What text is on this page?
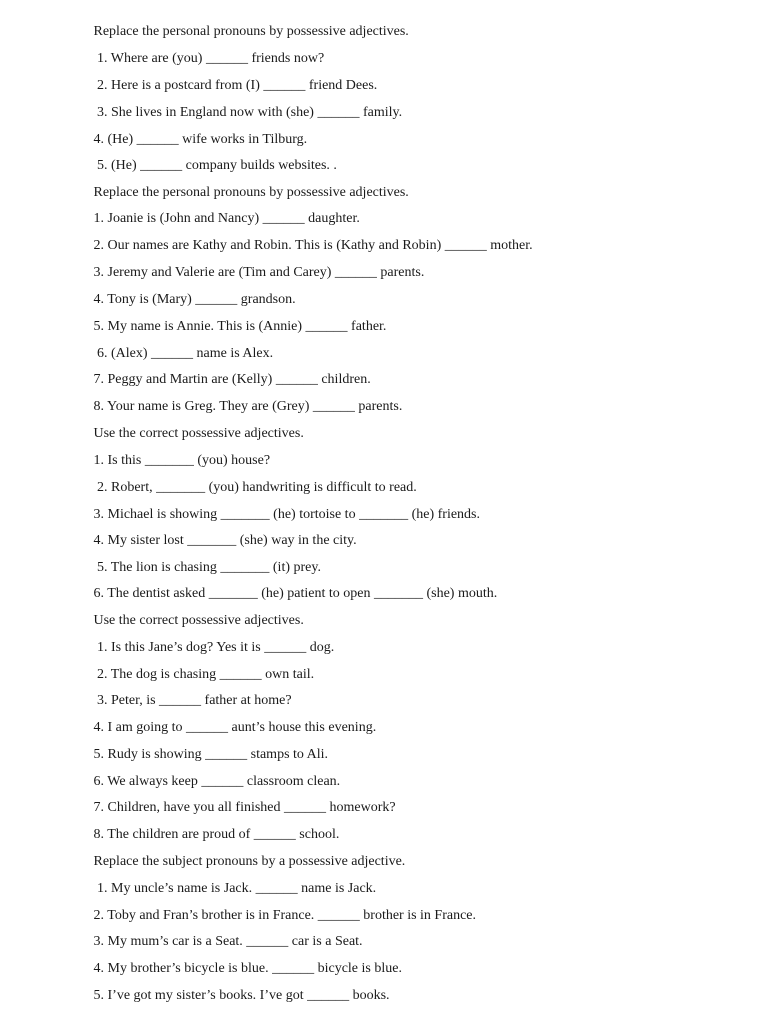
Replace the personal pronouns by possessive adjectives.
1. Where are (you) ______ friends now?
2. Here is a postcard from (I) ______ friend Dees.
3. She lives in England now with (she) ______ family.
4. (He) ______ wife works in Tilburg.
5. (He) ______ company builds websites. .
Replace the personal pronouns by possessive adjectives.
1. Joanie is (John and Nancy) ______ daughter.
2. Our names are Kathy and Robin. This is (Kathy and Robin) ______ mother.
3. Jeremy and Valerie are (Tim and Carey) ______ parents.
4. Tony is (Mary) ______ grandson.
5. My name is Annie. This is (Annie) ______ father.
6. (Alex) ______ name is Alex.
7. Peggy and Martin are (Kelly) ______ children.
8. Your name is Greg. They are (Grey) ______ parents.
Use the correct possessive adjectives.
1. Is this _______ (you) house?
2. Robert, _______ (you) handwriting is difficult to read.
3. Michael is showing _______ (he) tortoise to _______ (he) friends.
4. My sister lost _______ (she) way in the city.
5. The lion is chasing _______ (it) prey.
6. The dentist asked _______ (he) patient to open _______ (she) mouth.
Use the correct possessive adjectives.
1. Is this Jane’s dog? Yes it is ______ dog.
2. The dog is chasing ______ own tail.
3. Peter, is ______ father at home?
4. I am going to ______ aunt’s house this evening.
5. Rudy is showing ______ stamps to Ali.
6. We always keep ______ classroom clean.
7. Children, have you all finished ______ homework?
8. The children are proud of ______ school.
Replace the subject pronouns by a possessive adjective.
1. My uncle’s name is Jack. ______ name is Jack.
2. Toby and Fran’s brother is in France. ______ brother is in France.
3. My mum’s car is a Seat. ______ car is a Seat.
4. My brother’s bicycle is blue. ______ bicycle is blue.
5. I’ve got my sister’s books. I’ve got ______ books.
